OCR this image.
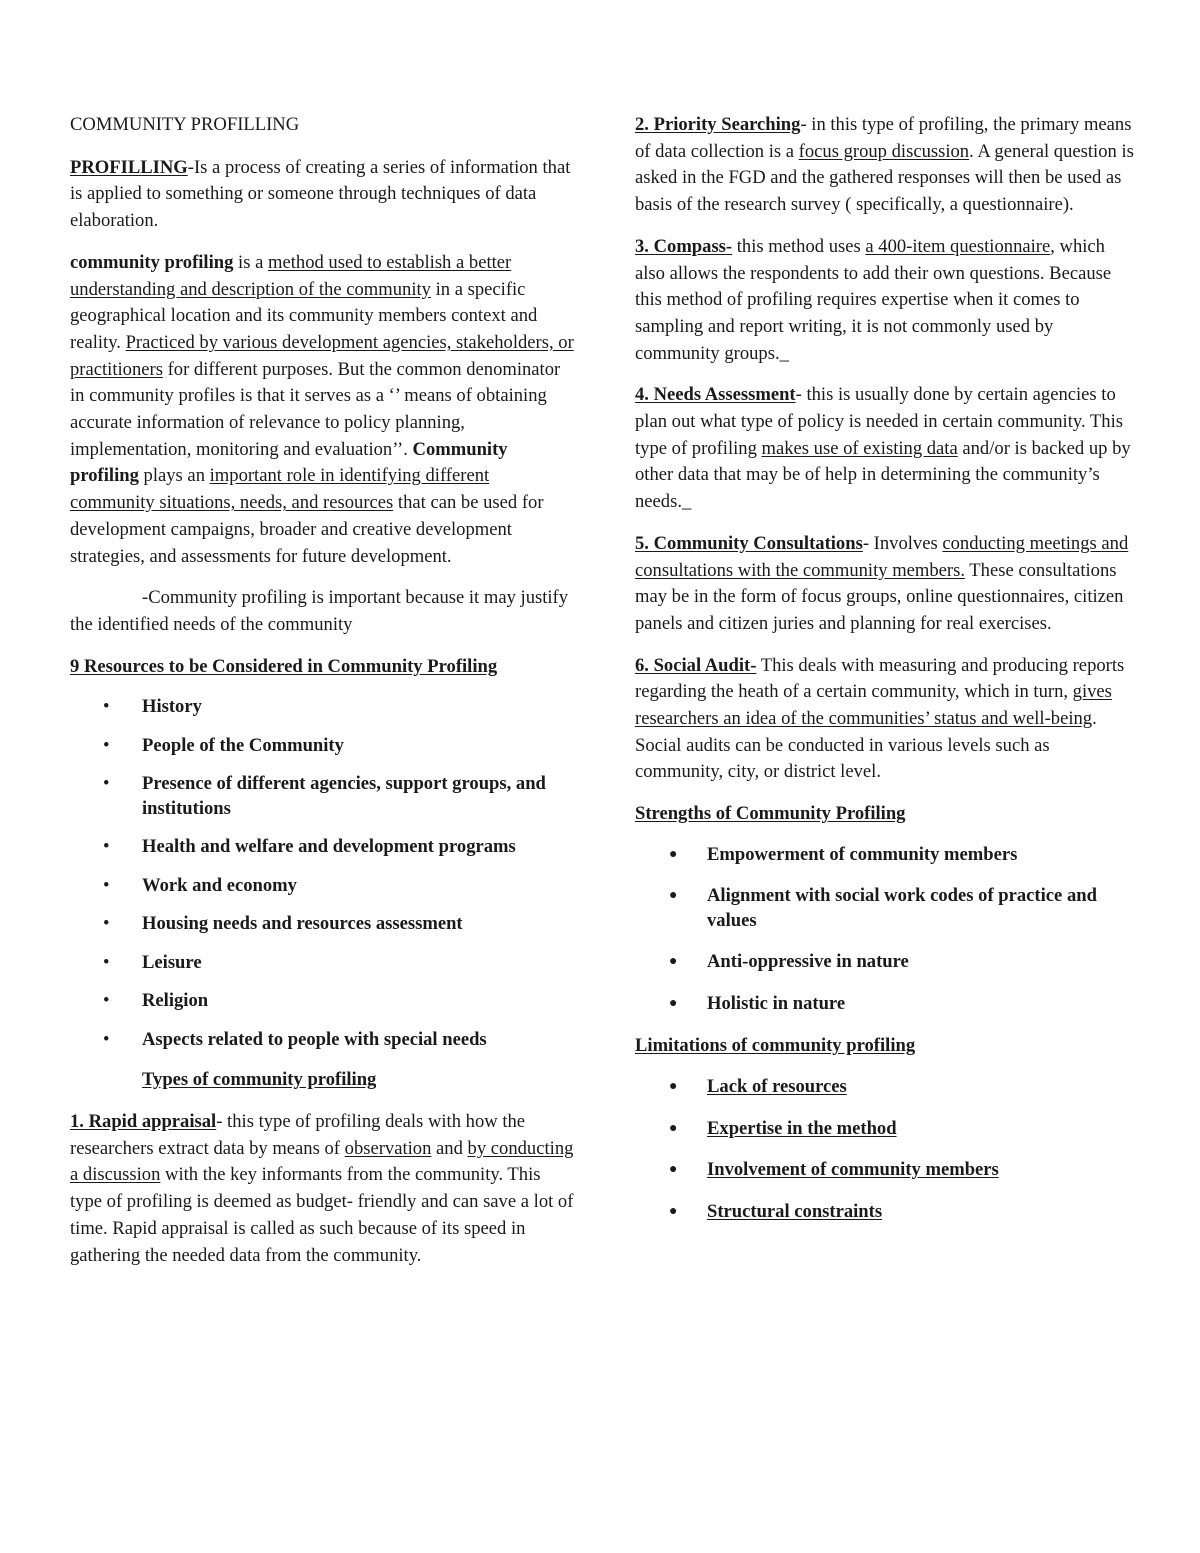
COMMUNITY PROFILLING

PROFILLING-Is a process of creating a series of information that is applied to something or someone through techniques of data elaboration.

community profiling is a method used to establish a better understanding and description of the community in a specific geographical location and its community members context and reality. Practiced by various development agencies, stakeholders, or practitioners for different purposes. But the common denominator in community profiles is that it serves as a ‘’ means of obtaining accurate information of relevance to policy planning, implementation, monitoring and evaluation’’. Community profiling plays an important role in identifying different community situations, needs, and resources that can be used for development campaigns, broader and creative development strategies, and assessments for future development.

-Community profiling is important because it may justify the identified needs of the community

9 Resources to be Considered in Community Profiling

• History
• People of the Community
• Presence of different agencies, support groups, and institutions
• Health and welfare and development programs
• Work and economy
• Housing needs and resources assessment
• Leisure
• Religion
• Aspects related to people with special needs

Types of community profiling

1. Rapid appraisal- this type of profiling deals with how the researchers extract data by means of observation and by conducting a discussion with the key informants from the community. This type of profiling is deemed as budget- friendly and can save a lot of time. Rapid appraisal is called as such because of its speed in gathering the needed data from the community.

2. Priority Searching- in this type of profiling, the primary means of data collection is a focus group discussion. A general question is asked in the FGD and the gathered responses will then be used as basis of the research survey ( specifically, a questionnaire).

3. Compass- this method uses a 400-item questionnaire, which also allows the respondents to add their own questions. Because this method of profiling requires expertise when it comes to sampling and report writing, it is not commonly used by community groups._

4. Needs Assessment- this is usually done by certain agencies to plan out what type of policy is needed in certain community. This type of profiling makes use of existing data and/or is backed up by other data that may be of help in determining the community’s needs._

5. Community Consultations- Involves conducting meetings and consultations with the community members. These consultations may be in the form of focus groups, online questionnaires, citizen panels and citizen juries and planning for real exercises.

6. Social Audit- This deals with measuring and producing reports regarding the heath of a certain community, which in turn, gives researchers an idea of the communities’ status and well-being. Social audits can be conducted in various levels such as community, city, or district level.

Strengths of Community Profiling

● Empowerment of community members
● Alignment with social work codes of practice and values
● Anti-oppressive in nature
● Holistic in nature

Limitations of community profiling

● Lack of resources
● Expertise in the method
● Involvement of community members
● Structural constraints
